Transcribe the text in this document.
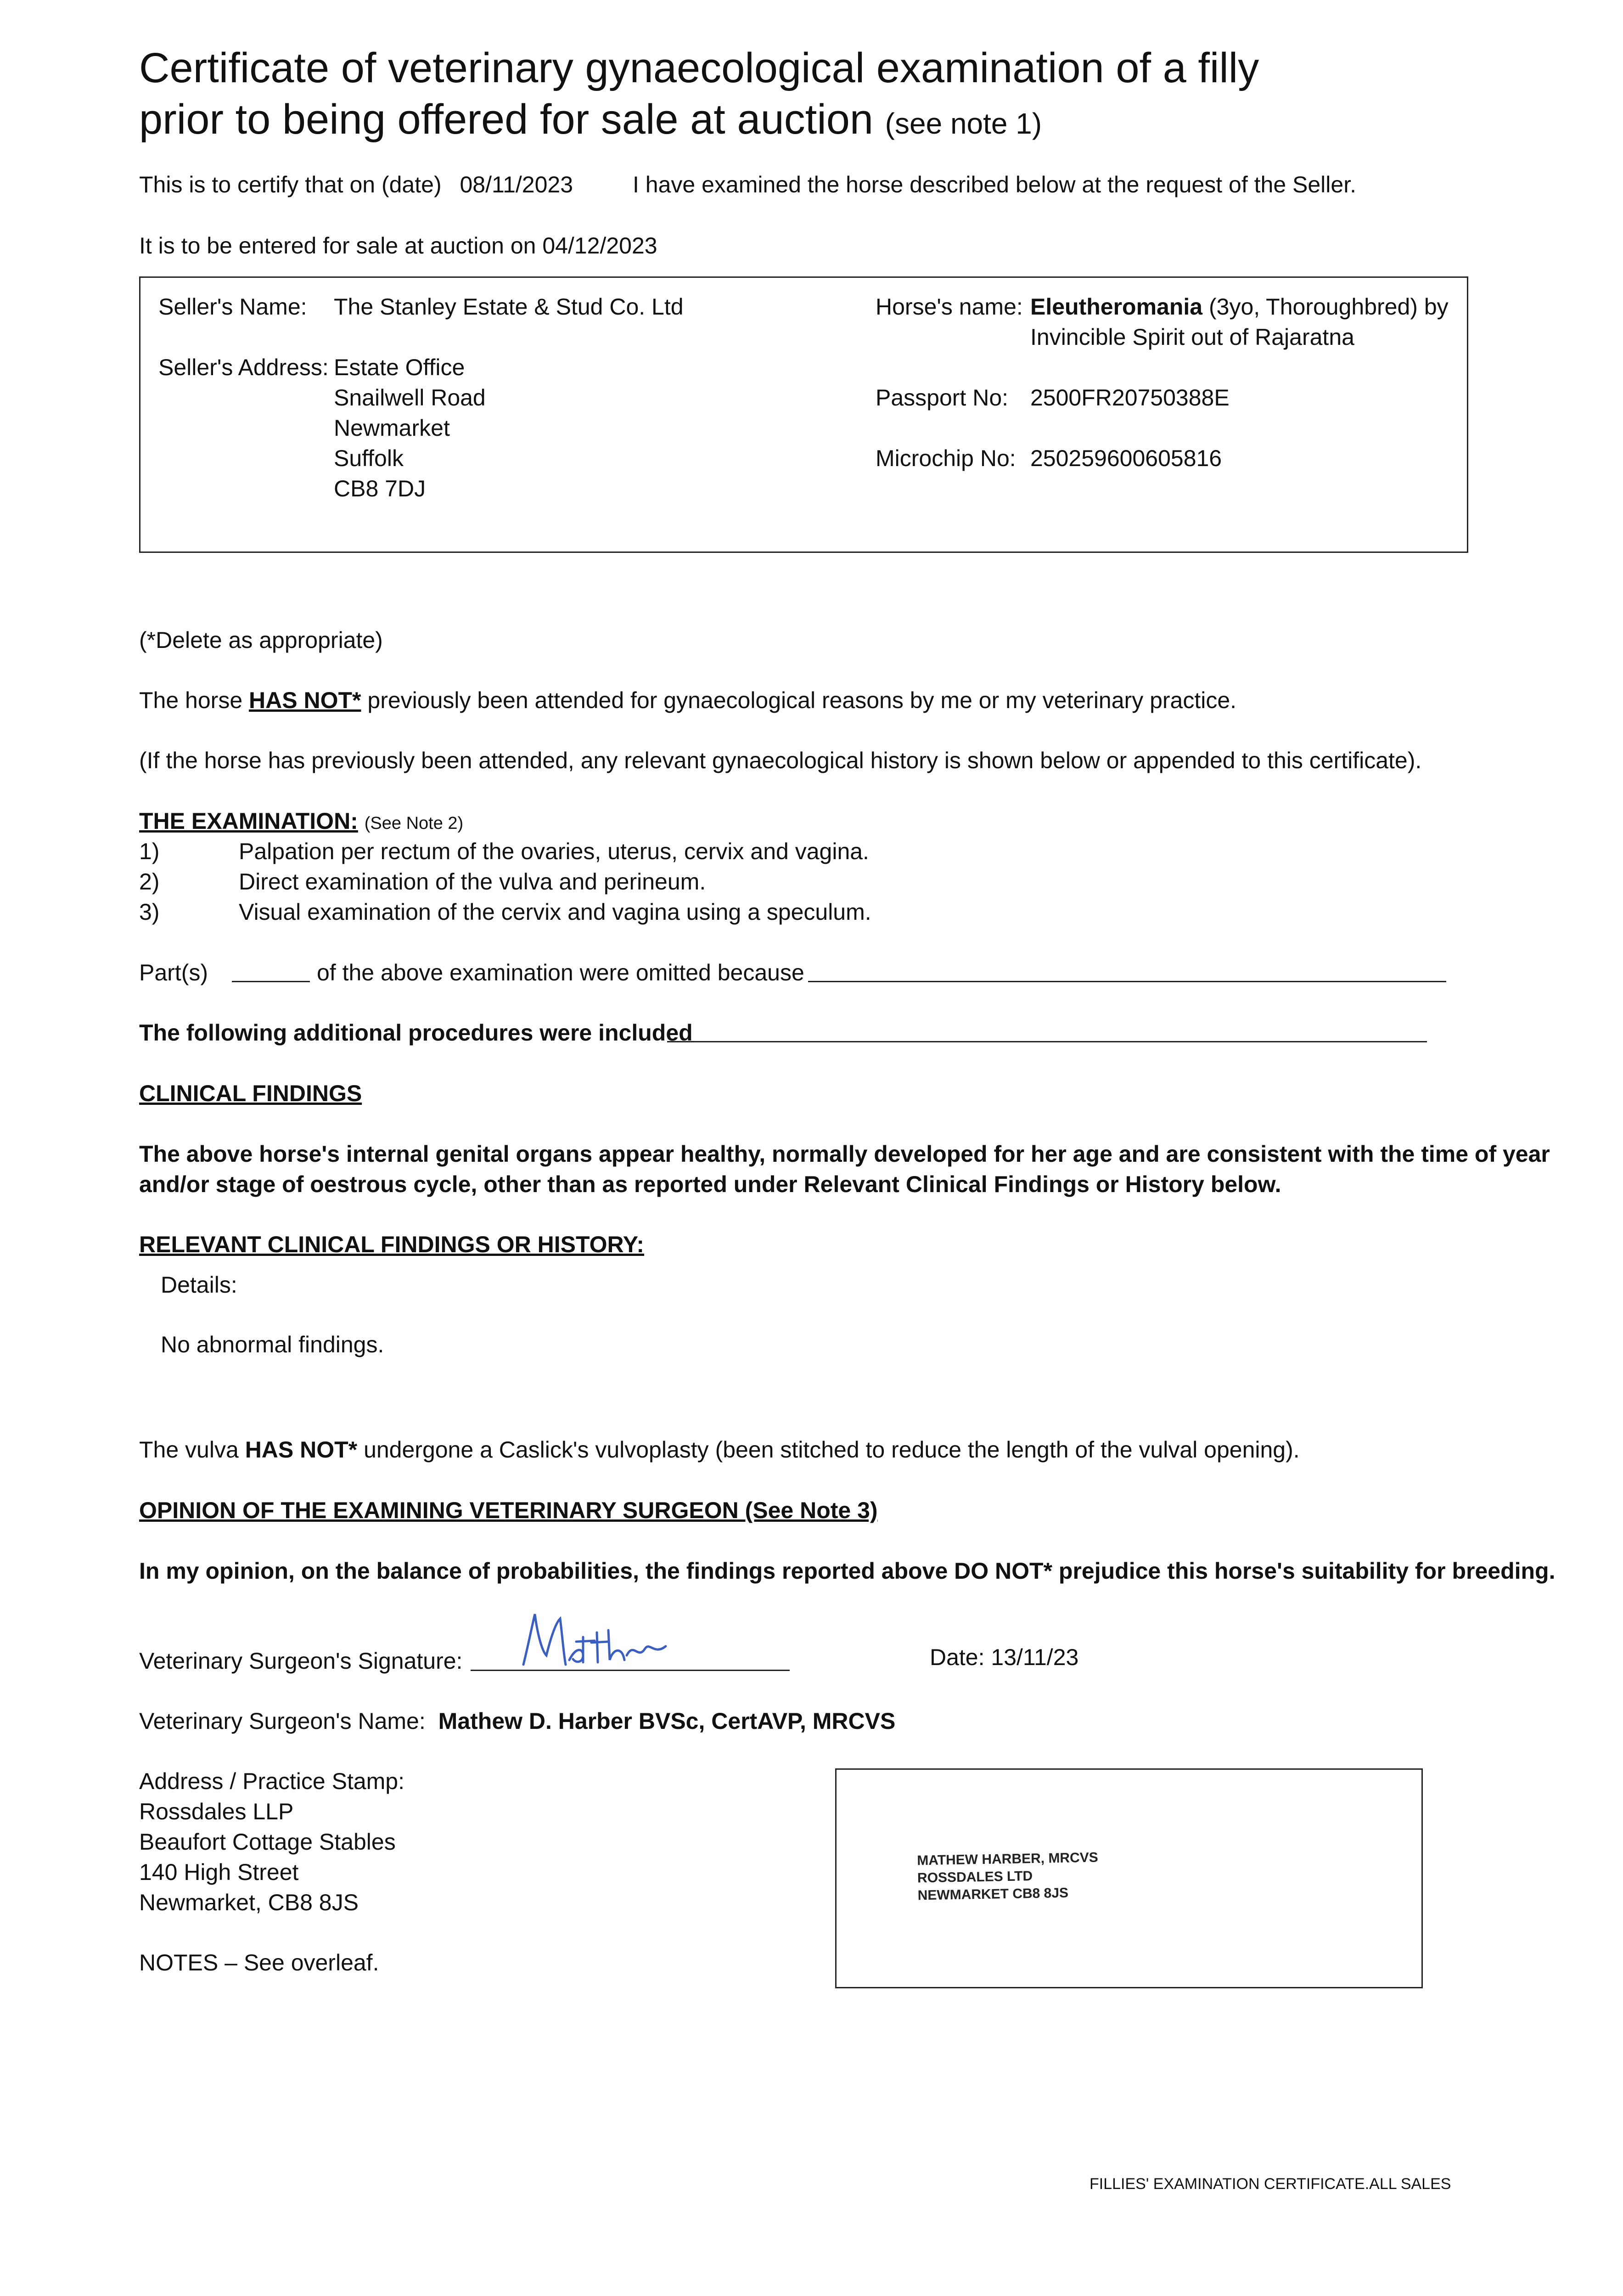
Certificate of veterinary gynaecological examination of a filly
prior to being offered for sale at auction (see note 1)
This is to certify that on (date) 08/11/2023	I have examined the horse described below at the request of the Seller.
It is to be entered for sale at auction on 04/12/2023
Seller's Name: The Stanley Estate & Stud Co. Ltd
Seller's Address: Estate Office
Snailwell Road
Newmarket
Suffolk
CB8 7DJ
Horse's name: Eleutheromania (3yo, Thoroughbred) by
Invincible Spirit out of Rajaratna
Passport No: 2500FR20750388E
Microchip No: 250259600605816
(*Delete as appropriate)
The horse HAS NOT* previously been attended for gynaecological reasons by me or my veterinary practice.
(If the horse has previously been attended, any relevant gynaecological history is shown below or appended to this certificate).
THE EXAMINATION: (See Note 2)
1)	Palpation per rectum of the ovaries, uterus, cervix and vagina.
2)	Direct examination of the vulva and perineum.
3)	Visual examination of the cervix and vagina using a speculum.
Part(s)	of the above examination were omitted because
The following additional procedures were included
CLINICAL FINDINGS
The above horse's internal genital organs appear healthy, normally developed for her age and are consistent with the time of year
and/or stage of oestrous cycle, other than as reported under Relevant Clinical Findings or History below.
RELEVANT CLINICAL FINDINGS OR HISTORY:
Details:
No abnormal findings.
The vulva HAS NOT* undergone a Caslick's vulvoplasty (been stitched to reduce the length of the vulval opening).
OPINION OF THE EXAMINING VETERINARY SURGEON (See Note 3)
In my opinion, on the balance of probabilities, the findings reported above DO NOT* prejudice this horse's suitability for breeding.
Veterinary Surgeon's Signature:	Date: 13/11/23
Veterinary Surgeon's Name: Mathew D. Harber BVSc, CertAVP, MRCVS
Address / Practice Stamp:
Rossdales LLP
Beaufort Cottage Stables
140 High Street
Newmarket, CB8 8JS
NOTES – See overleaf.
MATHEW HARBER, MRCVS
ROSSDALES LTD
NEWMARKET CB8 8JS
FILLIES' EXAMINATION CERTIFICATE.ALL SALES
